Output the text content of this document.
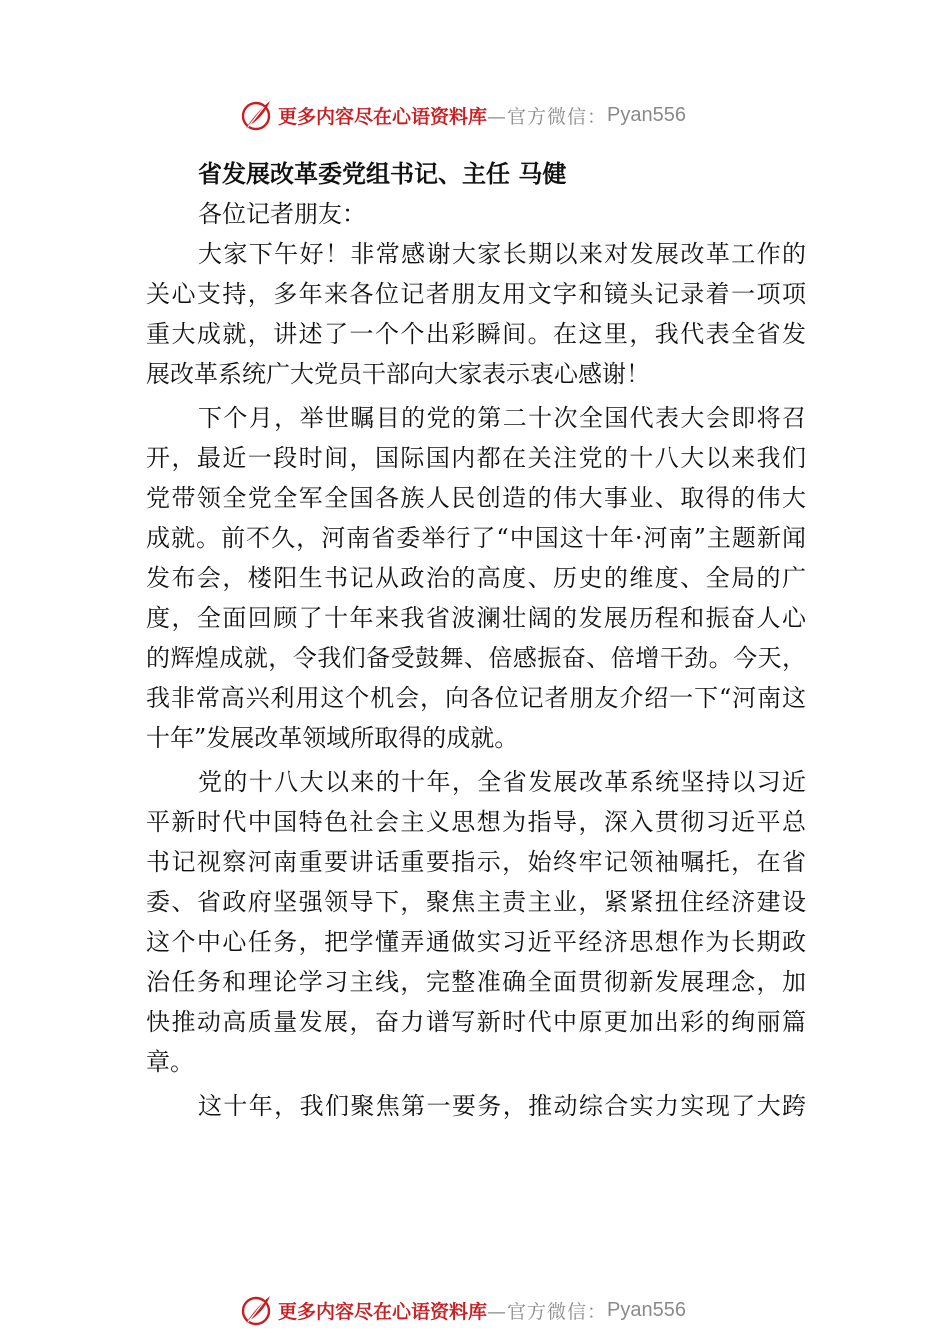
更多内容尽在心语资料库 —官方微信： Pyan556
省发展改革委党组书记、主任 马健
各位记者朋友：
大家下午好！非常感谢大家长期以来对发展改革工作的
关心支持，多年来各位记者朋友用文字和镜头记录着一项项
重大成就，讲述了一个个出彩瞬间。在这里，我代表全省发
展改革系统广大党员干部向大家表示衷心感谢！
下个月，举世瞩目的党的第二十次全国代表大会即将召
开，最近一段时间，国际国内都在关注党的十八大以来我们
党带领全党全军全国各族人民创造的伟大事业、取得的伟大
成就。前不久，河南省委举行了“中国这十年·河南”主题新闻
发布会，楼阳生书记从政治的高度、历史的维度、全局的广
度，全面回顾了十年来我省波澜壮阔的发展历程和振奋人心
的辉煌成就，令我们备受鼓舞、倍感振奋、倍增干劲。今天，
我非常高兴利用这个机会，向各位记者朋友介绍一下“河南这
十年”发展改革领域所取得的成就。
党的十八大以来的十年，全省发展改革系统坚持以习近
平新时代中国特色社会主义思想为指导，深入贯彻习近平总
书记视察河南重要讲话重要指示，始终牢记领袖嘱托，在省
委、省政府坚强领导下，聚焦主责主业，紧紧扭住经济建设
这个中心任务，把学懂弄通做实习近平经济思想作为长期政
治任务和理论学习主线，完整准确全面贯彻新发展理念，加
快推动高质量发展，奋力谱写新时代中原更加出彩的绚丽篇
章。
这十年，我们聚焦第一要务，推动综合实力实现了大跨
更多内容尽在心语资料库 —官方微信： Pyan556
